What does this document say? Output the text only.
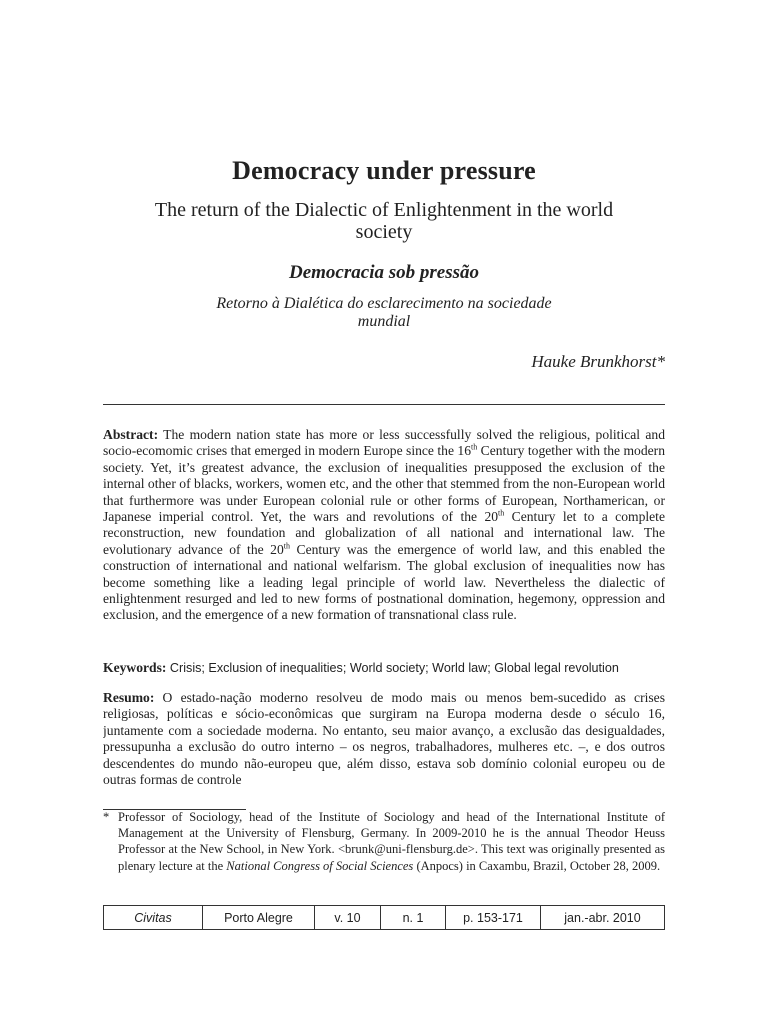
Democracy under pressure
The return of the Dialectic of Enlightenment in the world society
Democracia sob pressão
Retorno à Dialética do esclarecimento na sociedade mundial
Hauke Brunkhorst*
Abstract: The modern nation state has more or less successfully solved the religious, political and socio-ecomomic crises that emerged in modern Europe since the 16th Century together with the modern society. Yet, it’s greatest advance, the exclusion of inequalities presupposed the exclusion of the internal other of blacks, workers, women etc, and the other that stemmed from the non-European world that furthermore was under European colonial rule or other forms of European, Northamerican, or Japanese imperial control. Yet, the wars and revolutions of the 20th Century let to a complete reconstruction, new foundation and globalization of all national and international law. The evolutionary advance of the 20th Century was the emergence of world law, and this enabled the construction of international and national welfarism. The global exclusion of inequalities now has become something like a leading legal principle of world law. Nevertheless the dialectic of enlightenment resurged and led to new forms of postnational domination, hegemony, oppression and exclusion, and the emergence of a new formation of transnational class rule.
Keywords: Crisis; Exclusion of inequalities; World society; World law; Global legal revolution
Resumo: O estado-nação moderno resolveu de modo mais ou menos bem-sucedido as crises religiosas, políticas e sócio-econômicas que surgiram na Europa moderna desde o século 16, juntamente com a sociedade moderna. No entanto, seu maior avanço, a exclusão das desigualdades, pressupunha a exclusão do outro interno – os negros, trabalhadores, mulheres etc. –, e dos outros descendentes do mundo não-europeu que, além disso, estava sob domínio colonial europeu ou de outras formas de controle
* Professor of Sociology, head of the Institute of Sociology and head of the International Institute of Management at the University of Flensburg, Germany. In 2009-2010 he is the annual Theodor Heuss Professor at the New School, in New York. <brunk@uni-flensburg.de>. This text was originally presented as plenary lecture at the National Congress of Social Sciences (Anpocs) in Caxambu, Brazil, October 28, 2009.
Civitas	Porto Alegre	v. 10	n. 1	p. 153-171	jan.-abr. 2010
